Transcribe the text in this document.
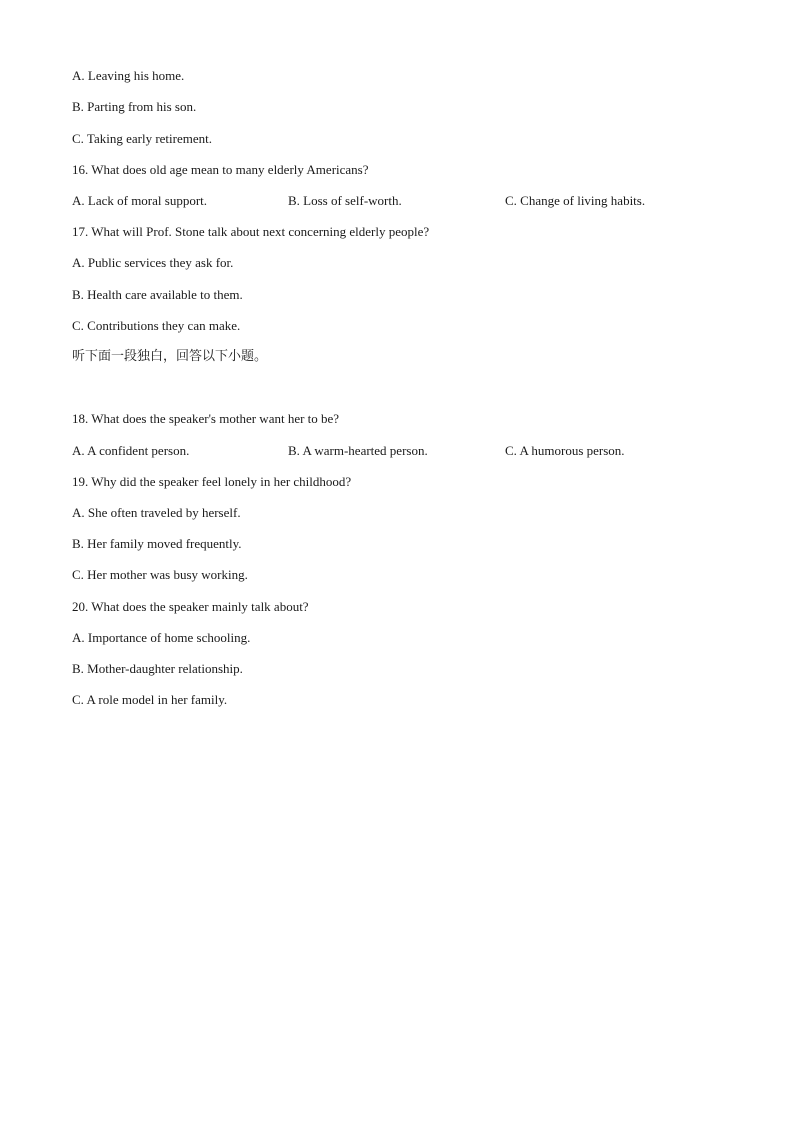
A. Leaving his home.
B. Parting from his son.
C. Taking early retirement.
16. What does old age mean to many elderly Americans?
A. Lack of moral support.	B. Loss of self-worth.	C. Change of living habits.
17. What will Prof. Stone talk about next concerning elderly people?
A. Public services they ask for.
B. Health care available to them.
C. Contributions they can make.
听下面一段独白，回答以下小题。
18. What does the speaker's mother want her to be?
A. A confident person.	B. A warm-hearted person.	C. A humorous person.
19. Why did the speaker feel lonely in her childhood?
A. She often traveled by herself.
B. Her family moved frequently.
C. Her mother was busy working.
20. What does the speaker mainly talk about?
A. Importance of home schooling.
B. Mother-daughter relationship.
C. A role model in her family.
